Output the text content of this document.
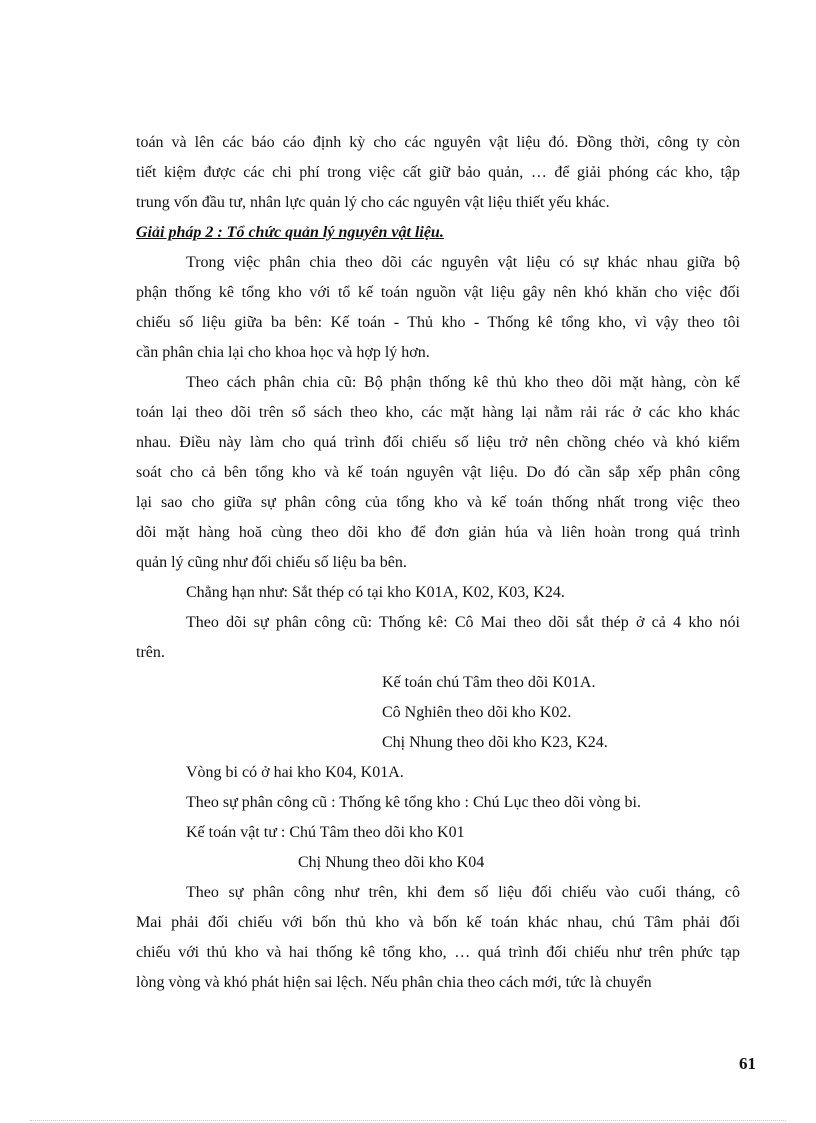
toán và lên các báo cáo định kỳ cho các nguyên vật liệu đó. Đồng thời, công ty còn
tiết kiệm được các chi phí trong việc cất giữ bảo quản, … để giải phóng các kho, tập
trung vốn đầu tư, nhân lực quản lý cho các nguyên vật liệu thiết yếu khác.
Giải pháp 2 : Tổ chức quản lý nguyên vật liệu.
Trong việc phân chia theo dõi các nguyên vật liệu có sự khác nhau giữa bộ
phận thống kê tổng kho với tổ kế toán nguồn vật liệu gây nên khó khăn cho việc đối
chiếu số liệu giữa ba bên: Kế toán - Thủ kho - Thống kê tổng kho, vì vậy theo tôi
cần phân chia lại cho khoa học và hợp lý hơn.
Theo cách phân chia cũ: Bộ phận thống kê thủ kho theo dõi mặt hàng, còn kế
toán lại theo dõi trên sổ sách theo kho, các mặt hàng lại nằm rải rác ở các kho khác
nhau. Điều này làm cho quá trình đối chiếu số liệu trở nên chồng chéo và khó kiểm
soát cho cả bên tổng kho và kế toán nguyên vật liệu. Do đó cần sắp xếp phân công
lại sao cho giữa sự phân công của tổng kho và kế toán thống nhất trong việc theo
dõi mặt hàng hoă cùng theo dõi kho để đơn giản húa và liên hoàn trong quá trình
quản lý cũng như đối chiếu số liệu ba bên.
Chẳng hạn như: Sắt thép có tại kho K01A, K02, K03, K24.
Theo dõi sự phân công cũ: Thống kê: Cô Mai theo dõi sắt thép ở cả 4 kho nói
trên.
Kế toán chú Tâm theo dõi K01A.
Cô Nghiên theo dõi kho K02.
Chị Nhung theo dõi kho K23, K24.
Vòng bi có ở hai kho K04, K01A.
Theo sự phân công cũ : Thống kê tổng kho : Chú Lục theo dõi vòng bi.
Kế toán vật tư : Chú Tâm theo dõi kho K01
Chị Nhung theo dõi kho K04
Theo sự phân công như trên, khi đem số liệu đối chiếu vào cuối tháng, cô
Mai phải đối chiếu với bốn thủ kho và bốn kế toán khác nhau, chú Tâm phải đối
chiếu với thủ kho và hai thống kê tổng kho, … quá trình đối chiếu như trên phức tạp
lòng vòng và khó phát hiện sai lệch. Nếu phân chia theo cách mới, tức là chuyển
61
